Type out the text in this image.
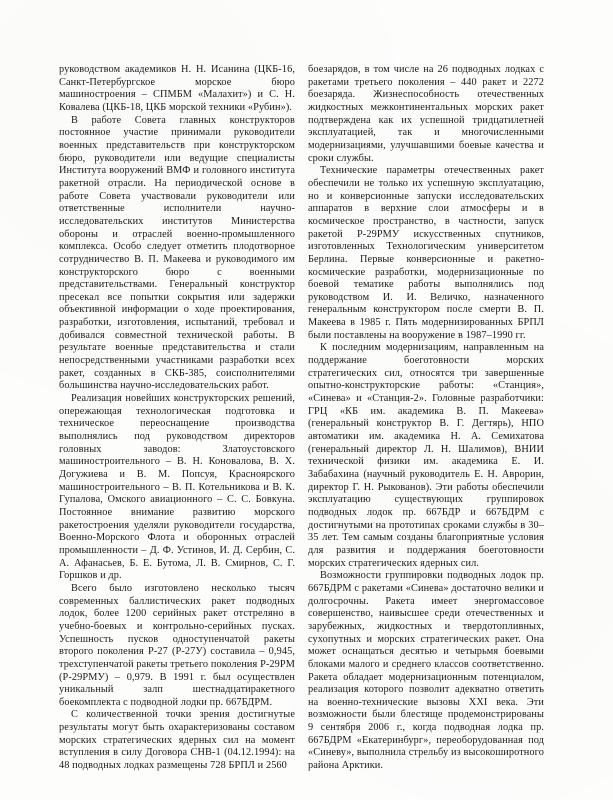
руководством академиков Н. Н. Исанина (ЦКБ-16, Санкт-Петербургское морское бюро машиностроения – СПМБМ «Малахит») и С. Н. Ковалева (ЦКБ-18, ЦКБ морской техники «Рубин»).

В работе Совета главных конструкторов постоянное участие принимали руководители военных представительств при конструкторском бюро, руководители или ведущие специалисты Института вооружений ВМФ и головного института ракетной отрасли. На периодической основе в работе Совета участвовали руководители или ответственные исполнители научно-исследовательских институтов Министерства обороны и отраслей военно-промышленного комплекса. Особо следует отметить плодотворное сотрудничество В. П. Макеева и руководимого им конструкторского бюро с военными представительствами. Генеральный конструктор пресекал все попытки сокрытия или задержки объективной информации о ходе проектирования, разработки, изготовления, испытаний, требовал и добивался совместной технической работы. В результате военные представительства и стали непосредственными участниками разработки всех ракет, созданных в СКБ-385, соисполнителями большинства научно-исследовательских работ.

Реализация новейших конструкторских решений, опережающая технологическая подготовка и техническое переоснащение производства выполнялись под руководством директоров головных заводов: Златоустовского машиностроительного – В. Н. Коновалова, В. Х. Догужиева и В. М. Попсуя, Красноярского машиностроительного – В. П. Котельникова и В. К. Гупалова, Омского авиационного – С. С. Бовкуна. Постоянное внимание развитию морского ракетостроения уделяли руководители государства, Военно-Морского Флота и оборонных отраслей промышленности – Д. Ф. Устинов, И. Д. Сербин, С. А. Афанасьев, Б. Е. Бутома, Л. В. Смирнов, С. Г. Горшков и др.

Всего было изготовлено несколько тысяч современных баллистических ракет подводных лодок, более 1200 серийных ракет отстреляно в учебно-боевых и контрольно-серийных пусках. Успешность пусков одноступенчатой ракеты второго поколения Р-27 (Р-27У) составила – 0,945, трехступенчатой ракеты третьего поколения Р-29РМ (Р-29РМУ) – 0,979. В 1991 г. был осуществлен уникальный залп шестнадцатиракетного боекомплекта с подводной лодки пр. 667БДРМ.

С количественной точки зрения достигнутые результаты могут быть охарактеризованы составом морских стратегических ядерных сил на момент вступления в силу Договора СНВ-1 (04.12.1994): на 48 подводных лодках размещены 728 БРПЛ и 2560

боезарядов, в том числе на 26 подводных лодках с ракетами третьего поколения – 440 ракет и 2272 боезаряда. Жизнеспособность отечественных жидкостных межконтинентальных морских ракет подтверждена как их успешной тридцатилетней эксплуатацией, так и многочисленными модернизациями, улучшавшими боевые качества и сроки службы.

Технические параметры отечественных ракет обеспечили не только их успешную эксплуатацию, но и конверсионные запуски исследовательских аппаратов в верхние слои атмосферы и в космическое пространство, в частности, запуск ракетой Р-29РМУ искусственных спутников, изготовленных Технологическим университетом Берлина. Первые конверсионные и ракетно-космические разработки, модернизационные по боевой тематике работы выполнялись под руководством И. И. Величко, назначенного генеральным конструктором после смерти В. П. Макеева в 1985 г. Пять модернизированных БРПЛ были поставлены на вооружение в 1987–1990 гг.

К последним модернизациям, направленным на поддержание боеготовности морских стратегических сил, относятся три завершенные опытно-конструкторские работы: «Станция», «Синева» и «Станция-2». Головные разработчики: ГРЦ «КБ им. академика В. П. Макеева» (генеральный конструктор В. Г. Дегтярь), НПО автоматики им. академика Н. А. Семихатова (генеральный директор Л. Н. Шалимов), ВНИИ технической физики им. академика Е. И. Забабахина (научный руководитель Е. Н. Аврорин, директор Г. Н. Рыкованов). Эти работы обеспечили эксплуатацию существующих группировок подводных лодок пр. 667БДР и 667БДРМ с достигнутыми на прототипах сроками службы в 30–35 лет. Тем самым созданы благоприятные условия для развития и поддержания боеготовности морских стратегических ядерных сил.

Возможности группировки подводных лодок пр. 667БДРМ с ракетами «Синева» достаточно велики и долгосрочны. Ракета имеет энергомассовое совершенство, наивысшее среди отечественных и зарубежных, жидкостных и твердотопливных, сухопутных и морских стратегических ракет. Она может оснащаться десятью и четырьмя боевыми блоками малого и среднего классов соответственно. Ракета обладает модернизационным потенциалом, реализация которого позволит адекватно ответить на военно-технические вызовы XXI века. Эти возможности были блестяще продемонстрированы 9 сентября 2006 г., когда подводная лодка пр. 667БДРМ «Екатеринбург», переоборудованная под «Синеву», выполнила стрельбу из высокоширотного района Арктики.
